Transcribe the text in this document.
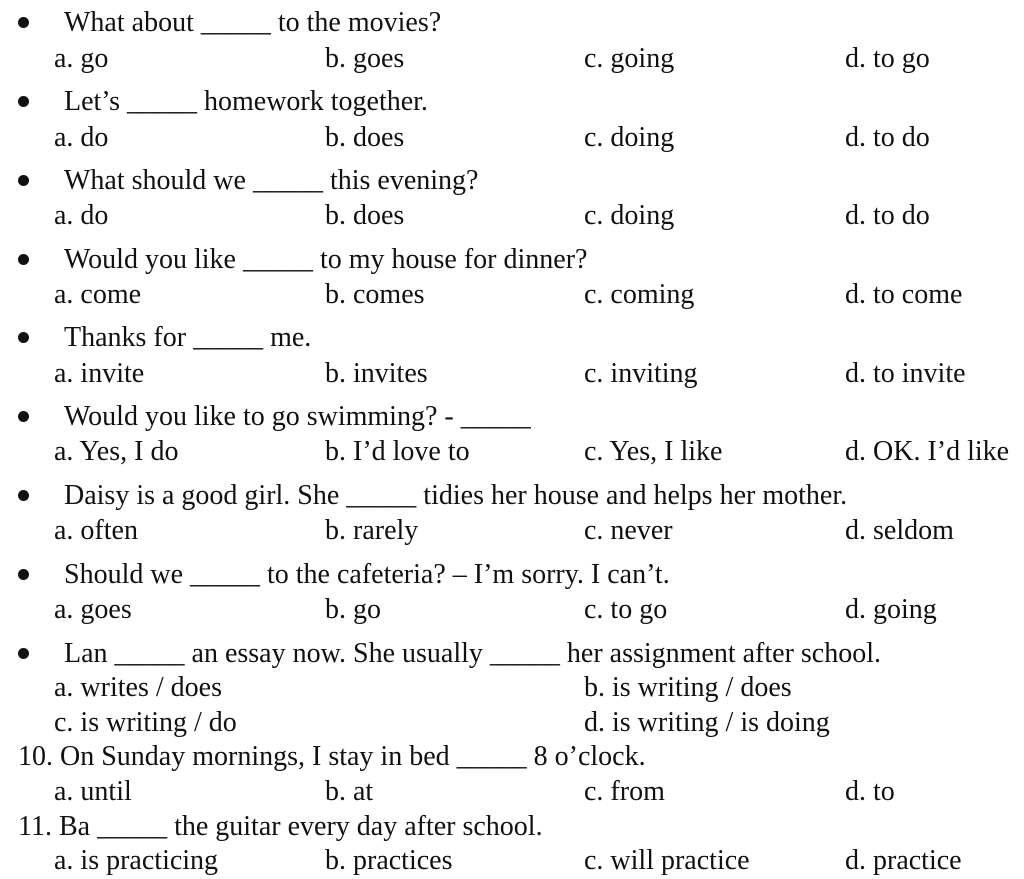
What about _____ to the movies?
a. go	b. goes	c. going	d. to go
Let’s _____ homework together.
a. do	b. does	c. doing	d. to do
What should we _____ this evening?
a. do	b. does	c. doing	d. to do
Would you like _____ to my house for dinner?
a. come	b. comes	c. coming	d. to come
Thanks for _____ me.
a. invite	b. invites	c. inviting	d. to invite
Would you like to go swimming? - _____
a. Yes, I do	b. I’d love to	c. Yes, I like	d. OK. I’d like
Daisy is a good girl. She _____ tidies her house and helps her mother.
a. often	b. rarely	c. never	d. seldom
Should we _____ to the cafeteria? – I’m sorry. I can’t.
a. goes	b. go	c. to go	d. going
Lan _____ an essay now. She usually _____ her assignment after school.
a. writes / does	b. is writing / does
c. is writing / do	d. is writing / is doing
10. On Sunday mornings, I stay in bed _____ 8 o’clock.
a. until	b. at	c. from	d. to
11. Ba _____ the guitar every day after school.
a. is practicing	b. practices	c. will practice	d. practice
